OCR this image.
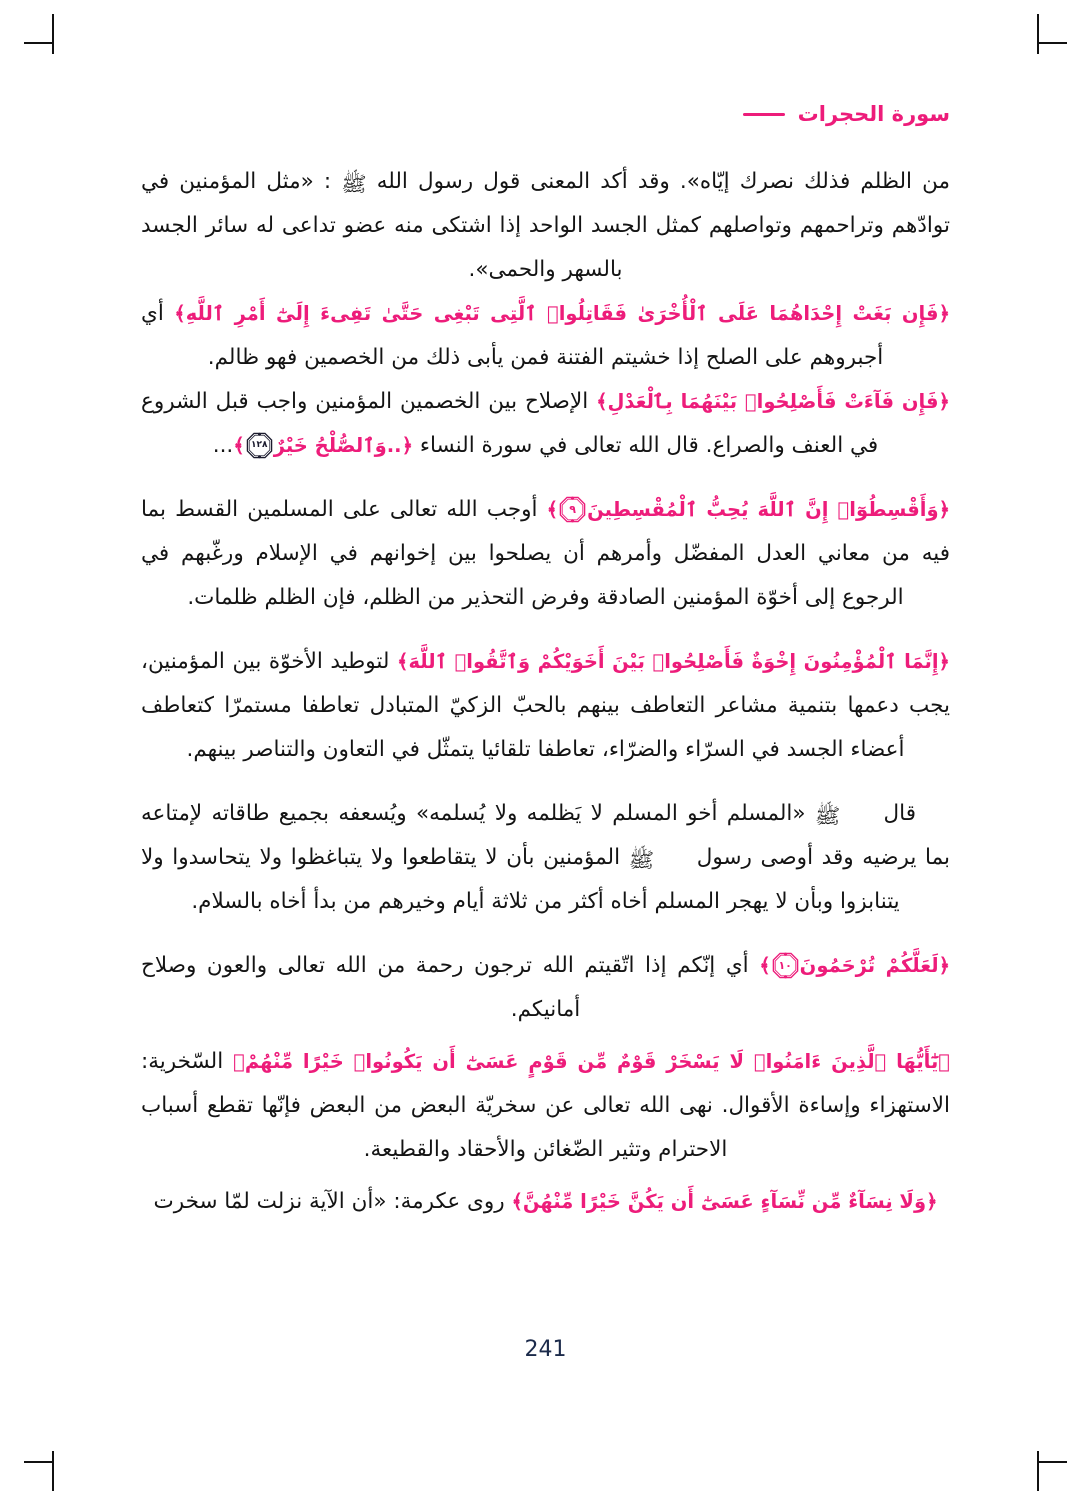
سورة الحجرات

من الظلم فذلك نصرك إيّاه». وقد أكد المعنى قول رسول الله ﷺ : «مثل المؤمنين في توادّهم وتراحمهم وتواصلهم كمثل الجسد الواحد إذا اشتكى منه عضو تداعى له سائر الجسد بالسهر والحمى».

﴿فَإِن بَغَتْ إِحْدَاهُمَا عَلَى ٱلْأُخْرَىٰ فَقَاتِلُوا۟ ٱلَّتِى تَبْغِى حَتَّىٰ تَفِىءَ إِلَىٰٓ أَمْرِ ٱللَّهِ﴾ أي أجبروهم على الصلح إذا خشيتم الفتنة فمن يأبى ذلك من الخصمين فهو ظالم.

﴿فَإِن فَآءَتْ فَأَصْلِحُوا۟ بَيْنَهُمَا بِٱلْعَدْلِ﴾ الإصلاح بين الخصمين المؤمنين واجب قبل الشروع في العنف والصراع. قال الله تعالى في سورة النساء ﴿..وَٱلصُّلْحُ خَيْرٌ
١٢٨
﴾...

﴿وَأَقْسِطُوٓا۟ إِنَّ ٱللَّهَ يُحِبُّ ٱلْمُقْسِطِينَ
٩
﴾ أوجب الله تعالى على المسلمين القسط بما فيه من معاني العدل المفضّل وأمرهم أن يصلحوا بين إخوانهم في الإسلام ورغّبهم في الرجوع إلى أخوّة المؤمنين الصادقة وفرض التحذير من الظلم، فإن الظلم ظلمات.

﴿إِنَّمَا ٱلْمُؤْمِنُونَ إِخْوَةٌ فَأَصْلِحُوا۟ بَيْنَ أَخَوَيْكُمْ وَٱتَّقُوا۟ ٱللَّهَ﴾ لتوطيد الأخوّة بين المؤمنين، يجب دعمها بتنمية مشاعر التعاطف بينهم بالحبّ الزكيّ المتبادل تعاطفا مستمرّا كتعاطف أعضاء الجسد في السرّاء والضرّاء، تعاطفا تلقائيا يتمثّل في التعاون والتناصر بينهم.

قال ﷺ «المسلم أخو المسلم لا يَظلمه ولا يُسلمه» ويُسعفه بجميع طاقاته لإمتاعه بما يرضيه وقد أوصى رسول ﷺ المؤمنين بأن لا يتقاطعوا ولا يتباغظوا ولا يتحاسدوا ولا يتنابزوا وبأن لا يهجر المسلم أخاه أكثر من ثلاثة أيام وخيرهم من بدأ أخاه بالسلام.

﴿لَعَلَّكُمْ تُرْحَمُونَ
١٠
﴾ أي إنّكم إذا اتّقيتم الله ترجون رحمة من الله تعالى والعون وصلاح أمانيكم.

﴿يَٰٓأَيُّهَا ٱلَّذِينَ ءَامَنُوا۟ لَا يَسْخَرْ قَوْمٌ مِّن قَوْمٍ عَسَىٰٓ أَن يَكُونُوا۟ خَيْرًا مِّنْهُمْ﴾ السّخرية: الاستهزاء وإساءة الأقوال. نهى الله تعالى عن سخريّة البعض من البعض فإنّها تقطع أسباب الاحترام وتثير الضّغائن والأحقاد والقطيعة.

﴿وَلَا نِسَآءٌ مِّن نِّسَآءٍ عَسَىٰٓ أَن يَكُنَّ خَيْرًا مِّنْهُنَّ﴾ روى عكرمة: «أن الآية نزلت لمّا سخرت

241
